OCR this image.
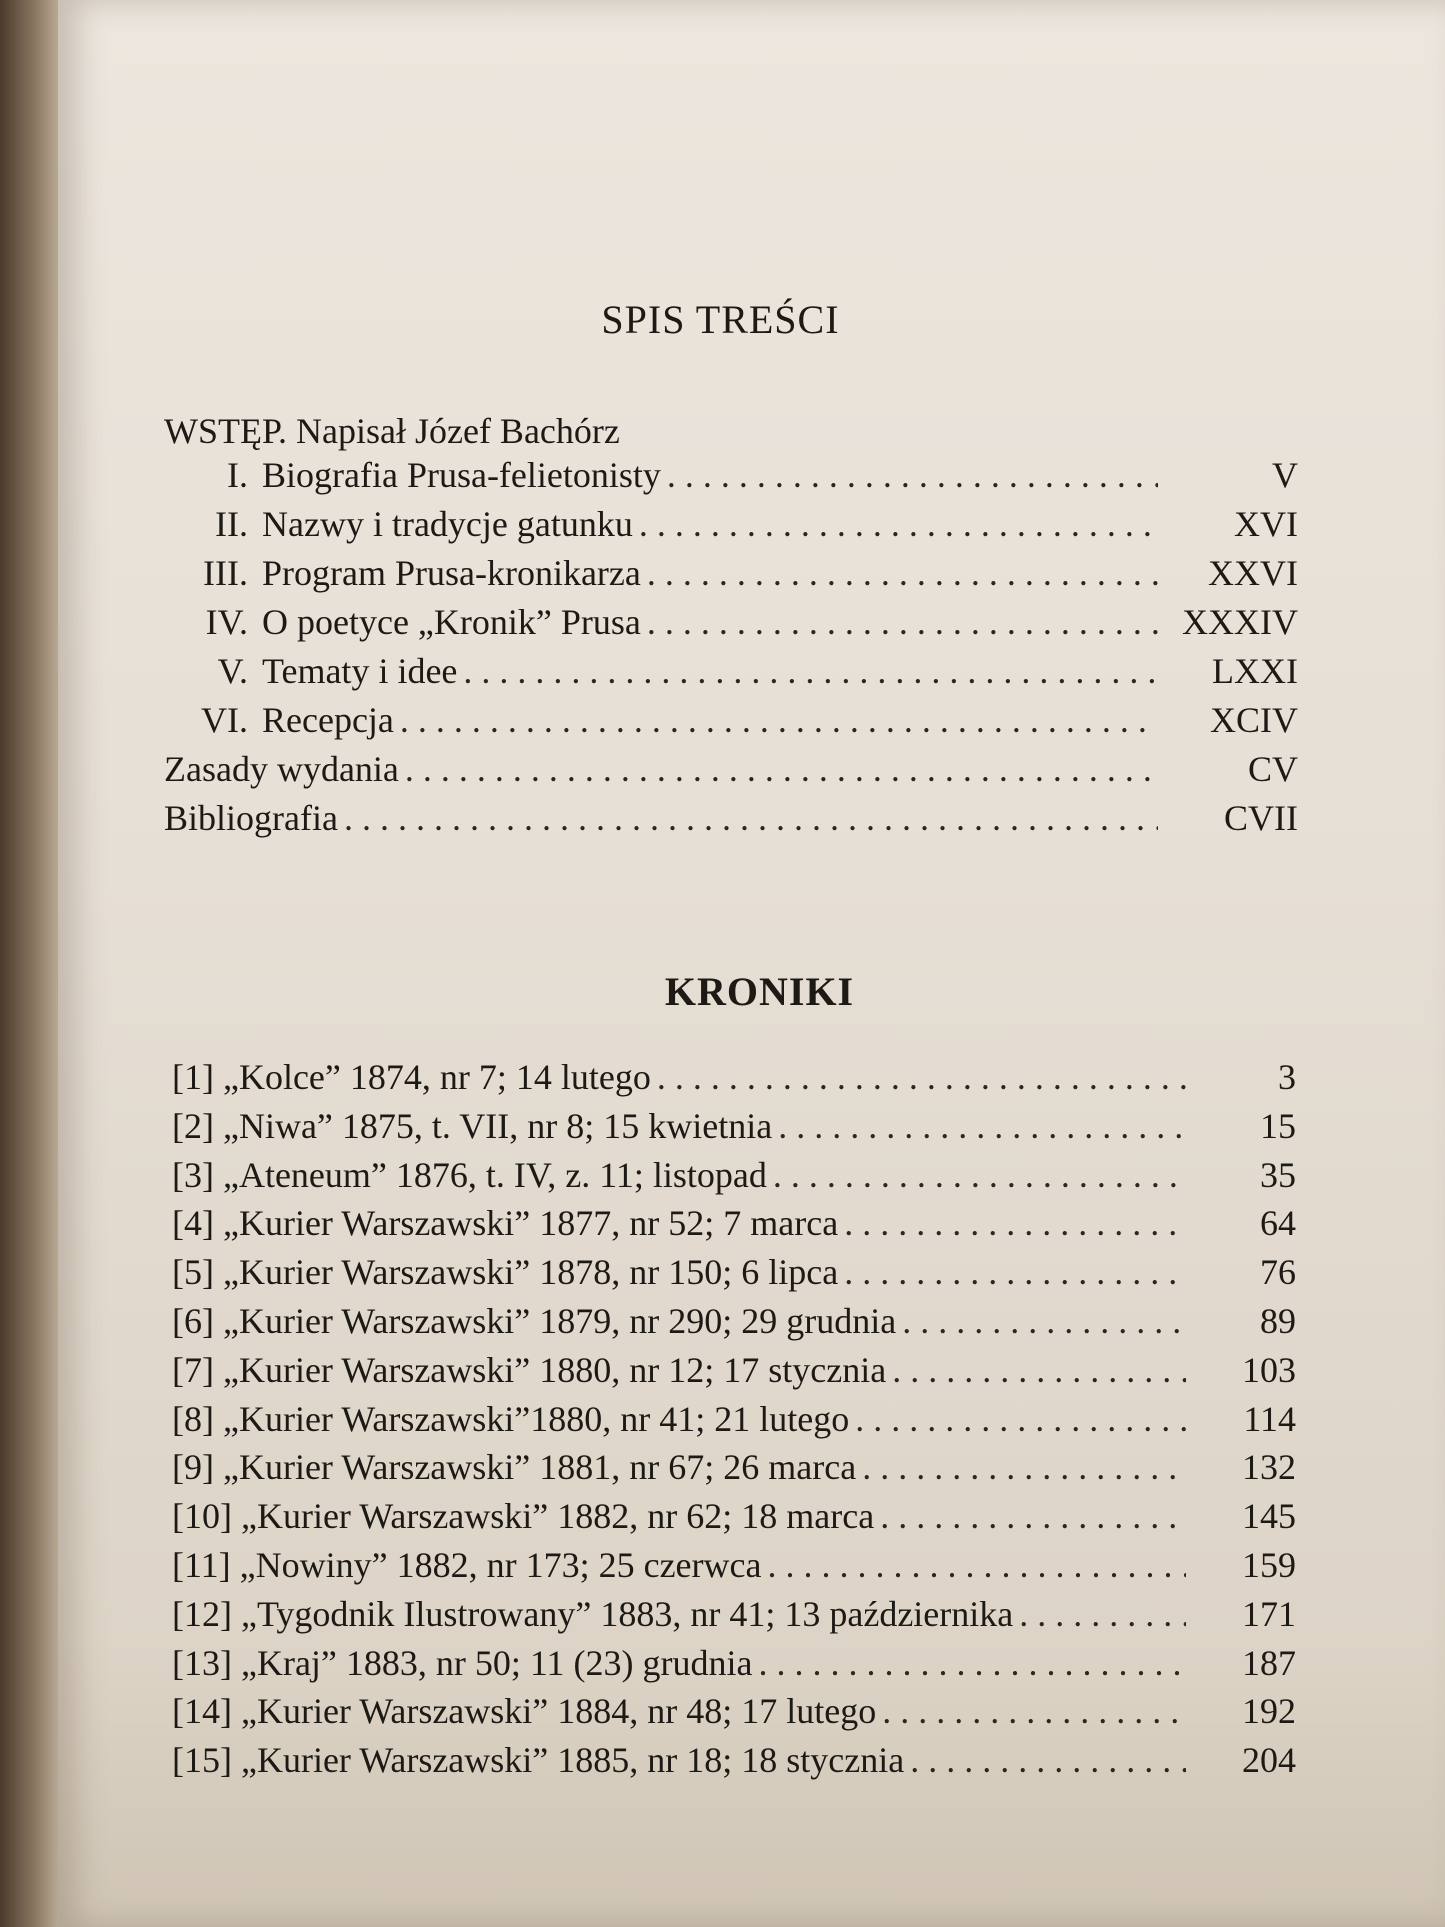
SPIS TREŚCI
WSTĘP. Napisał Józef Bachórz
I. Biografia Prusa-felietonisty . . .	V
II. Nazwy i tradycje gatunku . . .	XVI
III. Program Prusa-kronikarza . . .	XXVI
IV. O poetyce „Kronik” Prusa . . .	XXXIV
V. Tematy i idee . . .	LXXI
VI. Recepcja . . .	XCIV
Zasady wydania . . .	CV
Bibliografia . . .	CVII
KRONIKI
[1] „Kolce” 1874, nr 7; 14 lutego . . .	3
[2] „Niwa” 1875, t. VII, nr 8; 15 kwietnia . . .	15
[3] „Ateneum” 1876, t. IV, z. 11; listopad . . .	35
[4] „Kurier Warszawski” 1877, nr 52; 7 marca . . .	64
[5] „Kurier Warszawski” 1878, nr 150; 6 lipca . . .	76
[6] „Kurier Warszawski” 1879, nr 290; 29 grudnia . . .	89
[7] „Kurier Warszawski” 1880, nr 12; 17 stycznia . . .	103
[8] „Kurier Warszawski”1880, nr 41; 21 lutego . . .	114
[9] „Kurier Warszawski” 1881, nr 67; 26 marca . . .	132
[10] „Kurier Warszawski” 1882, nr 62; 18 marca . . .	145
[11] „Nowiny” 1882, nr 173; 25 czerwca . . .	159
[12] „Tygodnik Ilustrowany” 1883, nr 41; 13 października . . .	171
[13] „Kraj” 1883, nr 50; 11 (23) grudnia . . .	187
[14] „Kurier Warszawski” 1884, nr 48; 17 lutego . . .	192
[15] „Kurier Warszawski” 1885, nr 18; 18 stycznia . . .	204
